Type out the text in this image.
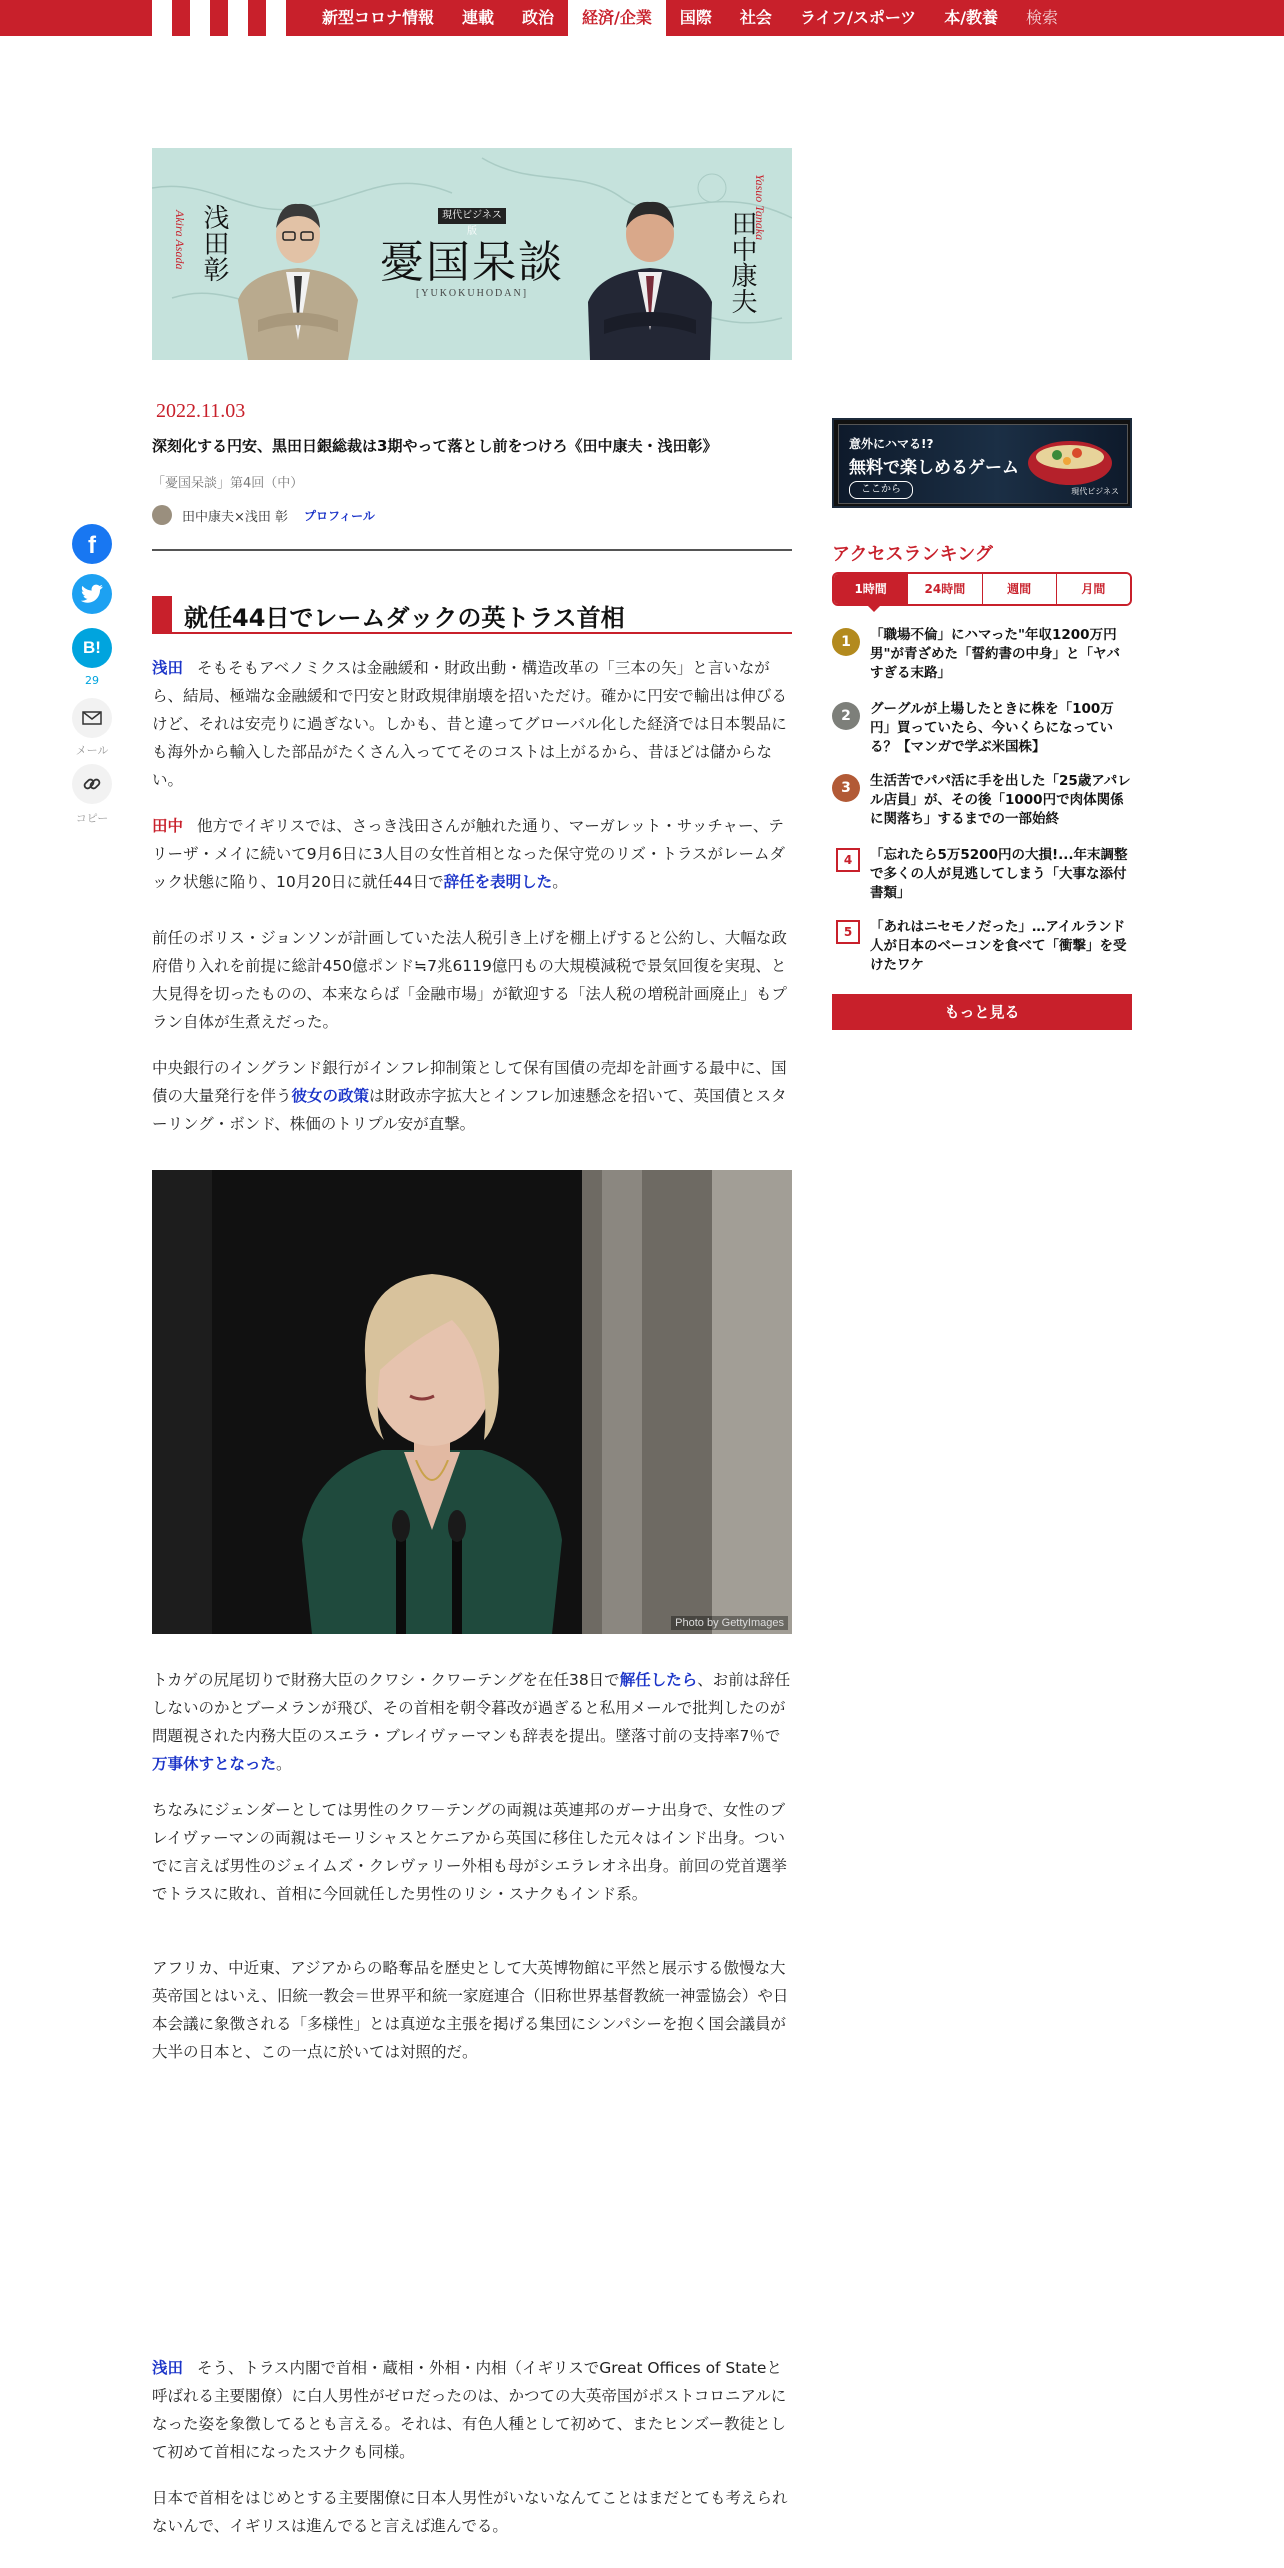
新型コロナ情報	連載	政治	経済/企業	国際	社会	ライフ/スポーツ	本/教養	検索
浅田彰
Akira Asada	現代ビジネス版
憂国呆談
[YUKOKUHODAN]	田中康夫
Yasuo Tanaka
f
B!
29
メール
コピー
2022.11.03
深刻化する円安、黒田日銀総裁は3期やって落とし前をつけろ《田中康夫・浅田彰》
「憂国呆談」第4回（中）
田中康夫×浅田 彰 プロフィール
就任44日でレームダックの英トラス首相
浅田 そもそもアベノミクスは金融緩和・財政出動・構造改革の「三本の矢」と言いながら、結局、極端な金融緩和で円安と財政規律崩壊を招いただけ。確かに円安で輸出は伸びるけど、それは安売りに過ぎない。しかも、昔と違ってグローバル化した経済では日本製品にも海外から輸入した部品がたくさん入っててそのコストは上がるから、昔ほどは儲からない。
田中 他方でイギリスでは、さっき浅田さんが触れた通り、マーガレット・サッチャー、テリーザ・メイに続いて9月6日に3人目の女性首相となった保守党のリズ・トラスがレームダック状態に陥り、10月20日に就任44日で辞任を表明した。
前任のボリス・ジョンソンが計画していた法人税引き上げを棚上げすると公約し、大幅な政府借り入れを前提に総計450億ポンド≒7兆6119億円もの大規模減税で景気回復を実現、と大見得を切ったものの、本来ならば「金融市場」が歓迎する「法人税の増税計画廃止」もプラン自体が生煮えだった。
中央銀行のイングランド銀行がインフレ抑制策として保有国債の売却を計画する最中に、国債の大量発行を伴う彼女の政策は財政赤字拡大とインフレ加速懸念を招いて、英国債とスターリング・ボンド、株価のトリプル安が直撃。
Photo by GettyImages
トカゲの尻尾切りで財務大臣のクワシ・クワーテングを在任38日で解任したら、お前は辞任しないのかとブーメランが飛び、その首相を朝令暮改が過ぎると私用メールで批判したのが問題視された内務大臣のスエラ・ブレイヴァーマンも辞表を提出。墜落寸前の支持率7％で万事休すとなった。
ちなみにジェンダーとしては男性のクワ－テングの両親は英連邦のガーナ出身で、女性のブレイヴァーマンの両親はモーリシャスとケニアから英国に移住した元々はインド出身。ついでに言えば男性のジェイムズ・クレヴァリー外相も母がシエラレオネ出身。前回の党首選挙でトラスに敗れ、首相に今回就任した男性のリシ・スナクもインド系。
アフリカ、中近東、アジアからの略奪品を歴史として大英博物館に平然と展示する傲慢な大英帝国とはいえ、旧統一教会＝世界平和統一家庭連合（旧称世界基督教統一神霊協会）や日本会議に象徴される「多様性」とは真逆な主張を掲げる集団にシンパシーを抱く国会議員が大半の日本と、この一点に於いては対照的だ。
浅田 そう、トラス内閣で首相・蔵相・外相・内相（イギリスでGreat Offices of Stateと呼ばれる主要閣僚）に白人男性がゼロだったのは、かつての大英帝国がポストコロニアルになった姿を象徴してるとも言える。それは、有色人種として初めて、またヒンズー教徒として初めて首相になったスナクも同様。
日本で首相をはじめとする主要閣僚に日本人男性がいないなんてことはまだとても考えられないんで、イギリスは進んでると言えば進んでる。
意外にハマる!?
無料で楽しめるゲーム
ここから	現代ビジネス
アクセスランキング
1時間	24時間	週間	月間
1	「職場不倫」にハマった"年収1200万円男"が青ざめた「誓約書の中身」と「ヤバすぎる末路」
2	グーグルが上場したときに株を「100万円」買っていたら、今いくらになっている？【マンガで学ぶ米国株】
3	生活苦でパパ活に手を出した「25歳アパレル店員」が、その後「1000円で肉体関係に関落ち」するまでの一部始終
4	「忘れたら5万5200円の大損!...年末調整で多くの人が見逃してしまう「大事な添付書類」
5	「あれはニセモノだった」…アイルランド人が日本のベーコンを食べて「衝撃」を受けたワケ
もっと見る
